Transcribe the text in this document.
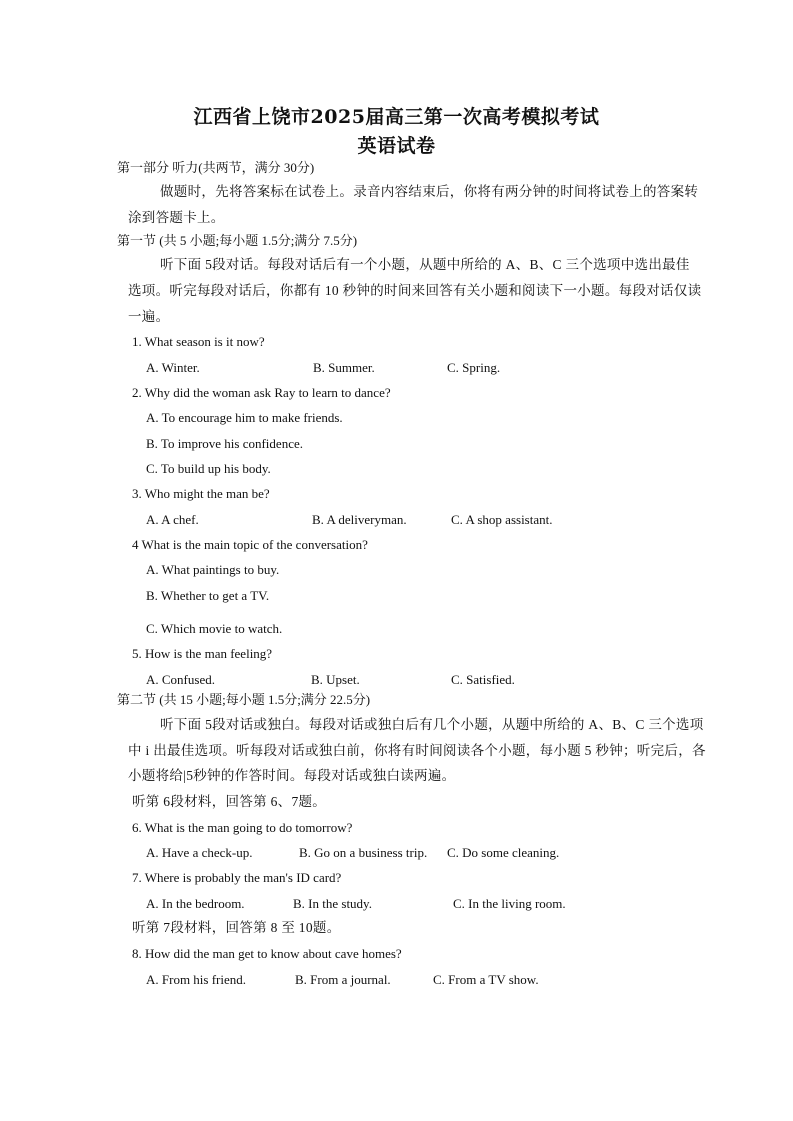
江西省上饶市2025届高三第一次高考模拟考试
英语试卷
第一部分 听力(共两节，满分 30分)
做题时，先将答案标在试卷上。录音内容结束后，你将有两分钟的时间将试卷上的答案转
涂到答题卡上。
第一节 (共 5 小题;每小题 1.5分;满分 7.5分)
听下面 5段对话。每段对话后有一个小题，从题中所给的 A、B、C 三个选项中选出最佳
选项。听完每段对话后，你都有 10 秒钟的时间来回答有关小题和阅读下一小题。每段对话仅读
一遍。
1. What season is it now?
A. Winter.	B. Summer.	C. Spring.
2. Why did the woman ask Ray to learn to dance?
A. To encourage him to make friends.
B. To improve his confidence.
C. To build up his body.
3. Who might the man be?
A. A chef.	B. A deliveryman.	C. A shop assistant.
4 What is the main topic of the conversation?
A. What paintings to buy.
B. Whether to get a TV.
C. Which movie to watch.
5. How is the man feeling?
A. Confused.	B. Upset.	C. Satisfied.
第二节 (共 15 小题;每小题 1.5分;满分 22.5分)
听下面 5段对话或独白。每段对话或独白后有几个小题，从题中所给的 A、B、C 三个选项
中 i 出最佳选项。听每段对话或独白前，你将有时间阅读各个小题，每小题 5 秒钟；听完后，各
小题将给|5秒钟的作答时间。每段对话或独白读两遍。
听第 6段材料，回答第 6、7题。
6. What is the man going to do tomorrow?
A. Have a check-up.	B. Go on a business trip. C. Do some cleaning.
7. Where is probably the man's ID card?
A. In the bedroom.	B. In the study.	C. In the living room.
听第 7段材料，回答第 8 至 10题。
8. How did the man get to know about cave homes?
A. From his friend.	B. From a journal.	C. From a TV show.
